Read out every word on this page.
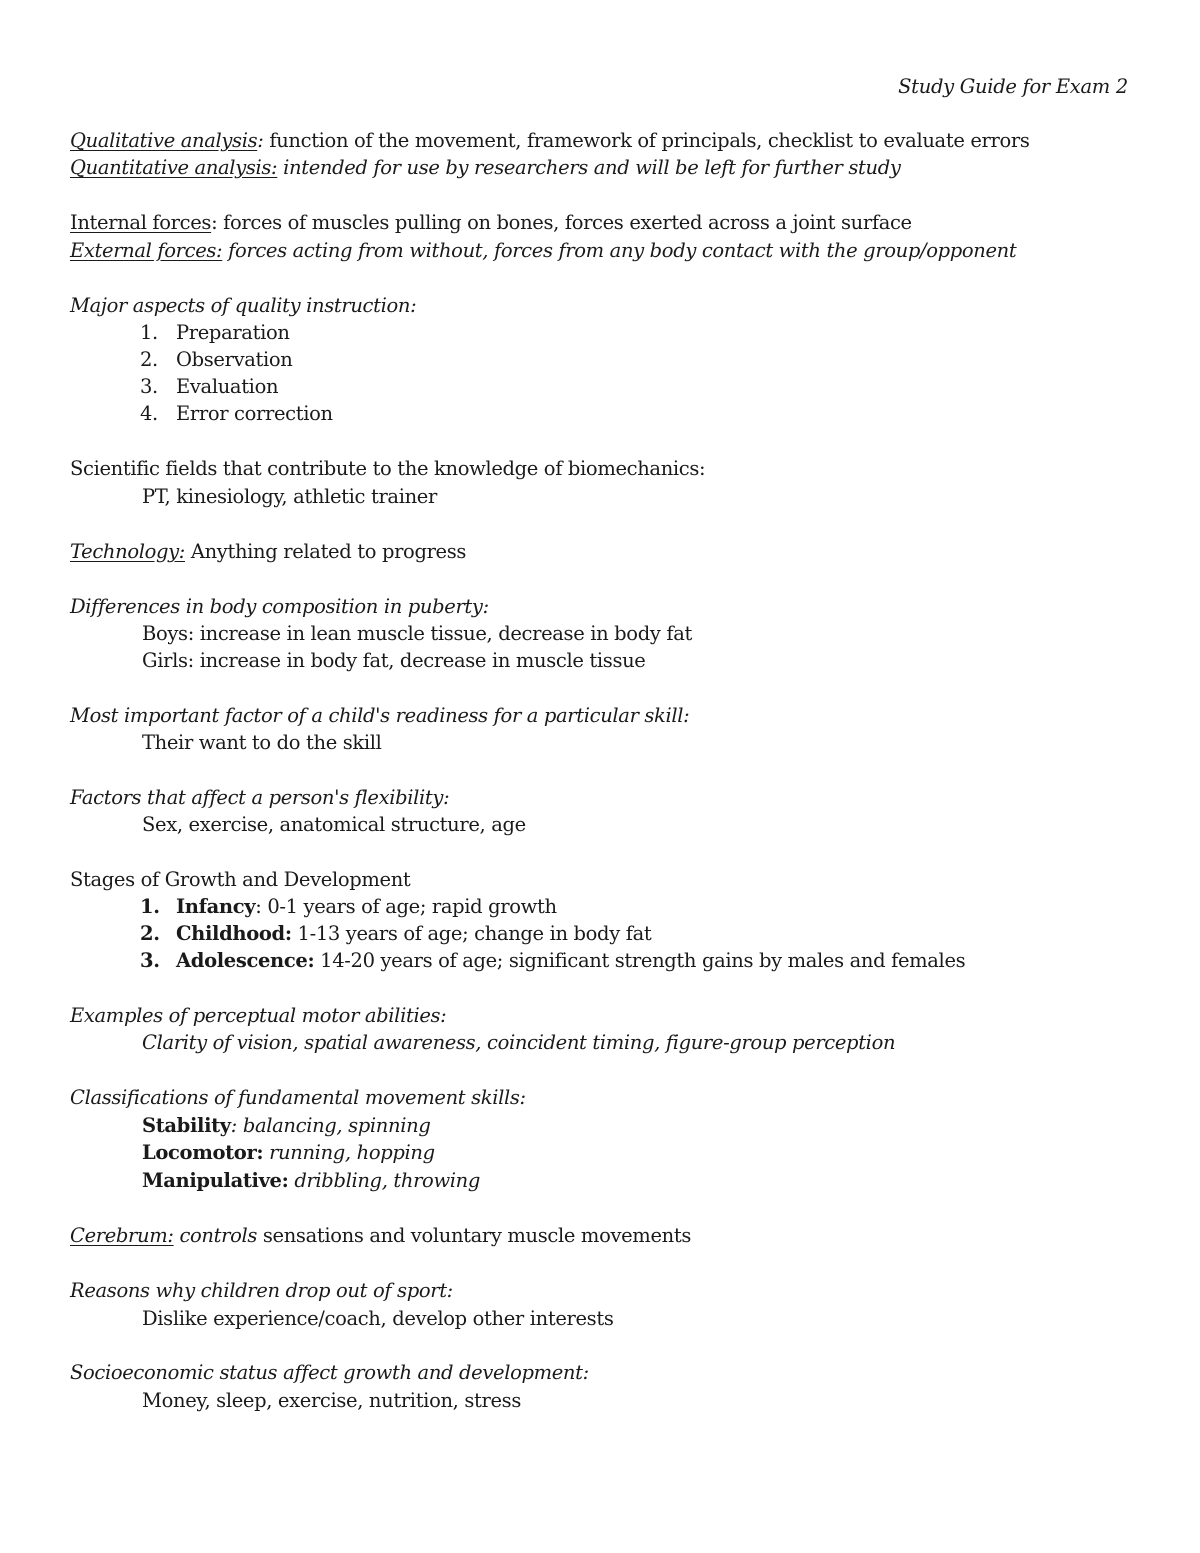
Study Guide for Exam 2
Qualitative analysis: function of the movement, framework of principals, checklist to evaluate errors
Quantitative analysis: intended for use by researchers and will be left for further study
Internal forces: forces of muscles pulling on bones, forces exerted across a joint surface
External forces: forces acting from without, forces from any body contact with the group/opponent
Major aspects of quality instruction:
1. Preparation
2. Observation
3. Evaluation
4. Error correction
Scientific fields that contribute to the knowledge of biomechanics:
PT, kinesiology, athletic trainer
Technology: Anything related to progress
Differences in body composition in puberty:
Boys: increase in lean muscle tissue, decrease in body fat
Girls: increase in body fat, decrease in muscle tissue
Most important factor of a child's readiness for a particular skill:
Their want to do the skill
Factors that affect a person's flexibility:
Sex, exercise, anatomical structure, age
Stages of Growth and Development
1. Infancy: 0-1 years of age; rapid growth
2. Childhood: 1-13 years of age; change in body fat
3. Adolescence: 14-20 years of age; significant strength gains by males and females
Examples of perceptual motor abilities:
Clarity of vision, spatial awareness, coincident timing, figure-group perception
Classifications of fundamental movement skills:
Stability: balancing, spinning
Locomotor: running, hopping
Manipulative: dribbling, throwing
Cerebrum: controls sensations and voluntary muscle movements
Reasons why children drop out of sport:
Dislike experience/coach, develop other interests
Socioeconomic status affect growth and development:
Money, sleep, exercise, nutrition, stress
